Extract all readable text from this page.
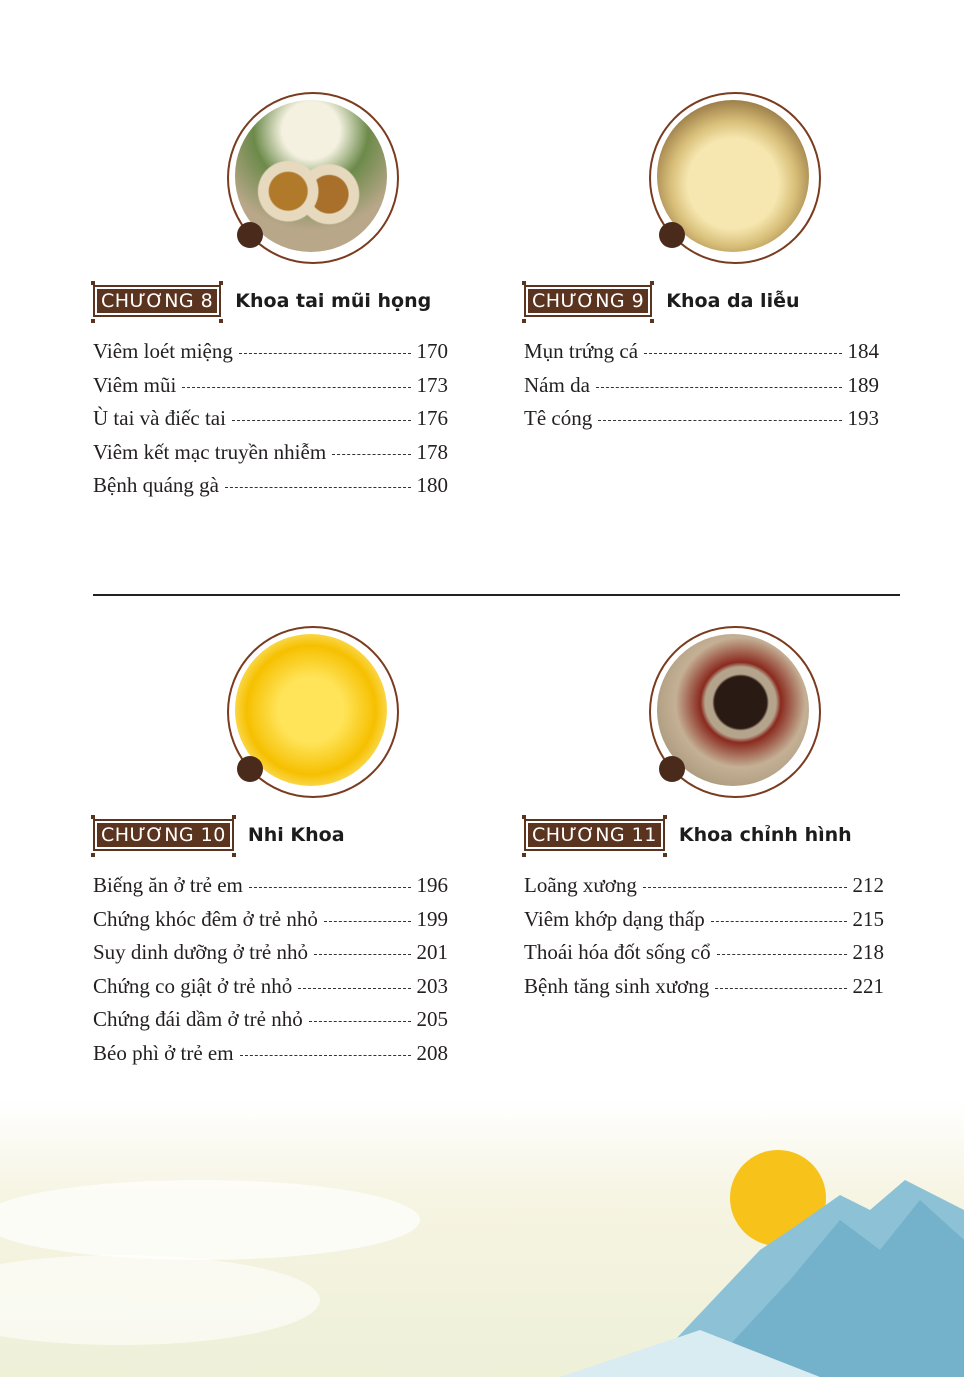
CHƯƠNG 8	Khoa tai mũi họng
Viêm loét miệng	170
Viêm mũi	173
Ù tai và điếc tai	176
Viêm kết mạc truyền nhiễm	178
Bệnh quáng gà	180
CHƯƠNG 9	Khoa da liễu
Mụn trứng cá	184
Nám da	189
Tê cóng	193
CHƯƠNG 10	Nhi Khoa
Biếng ăn ở trẻ em	196
Chứng khóc đêm ở trẻ nhỏ	199
Suy dinh dưỡng ở trẻ nhỏ	201
Chứng co giật ở trẻ nhỏ	203
Chứng đái dầm ở trẻ nhỏ	205
Béo phì ở trẻ em	208
CHƯƠNG 11	Khoa chỉnh hình
Loãng xương	212
Viêm khớp dạng thấp	215
Thoái hóa đốt sống cổ	218
Bệnh tăng sinh xương	221
